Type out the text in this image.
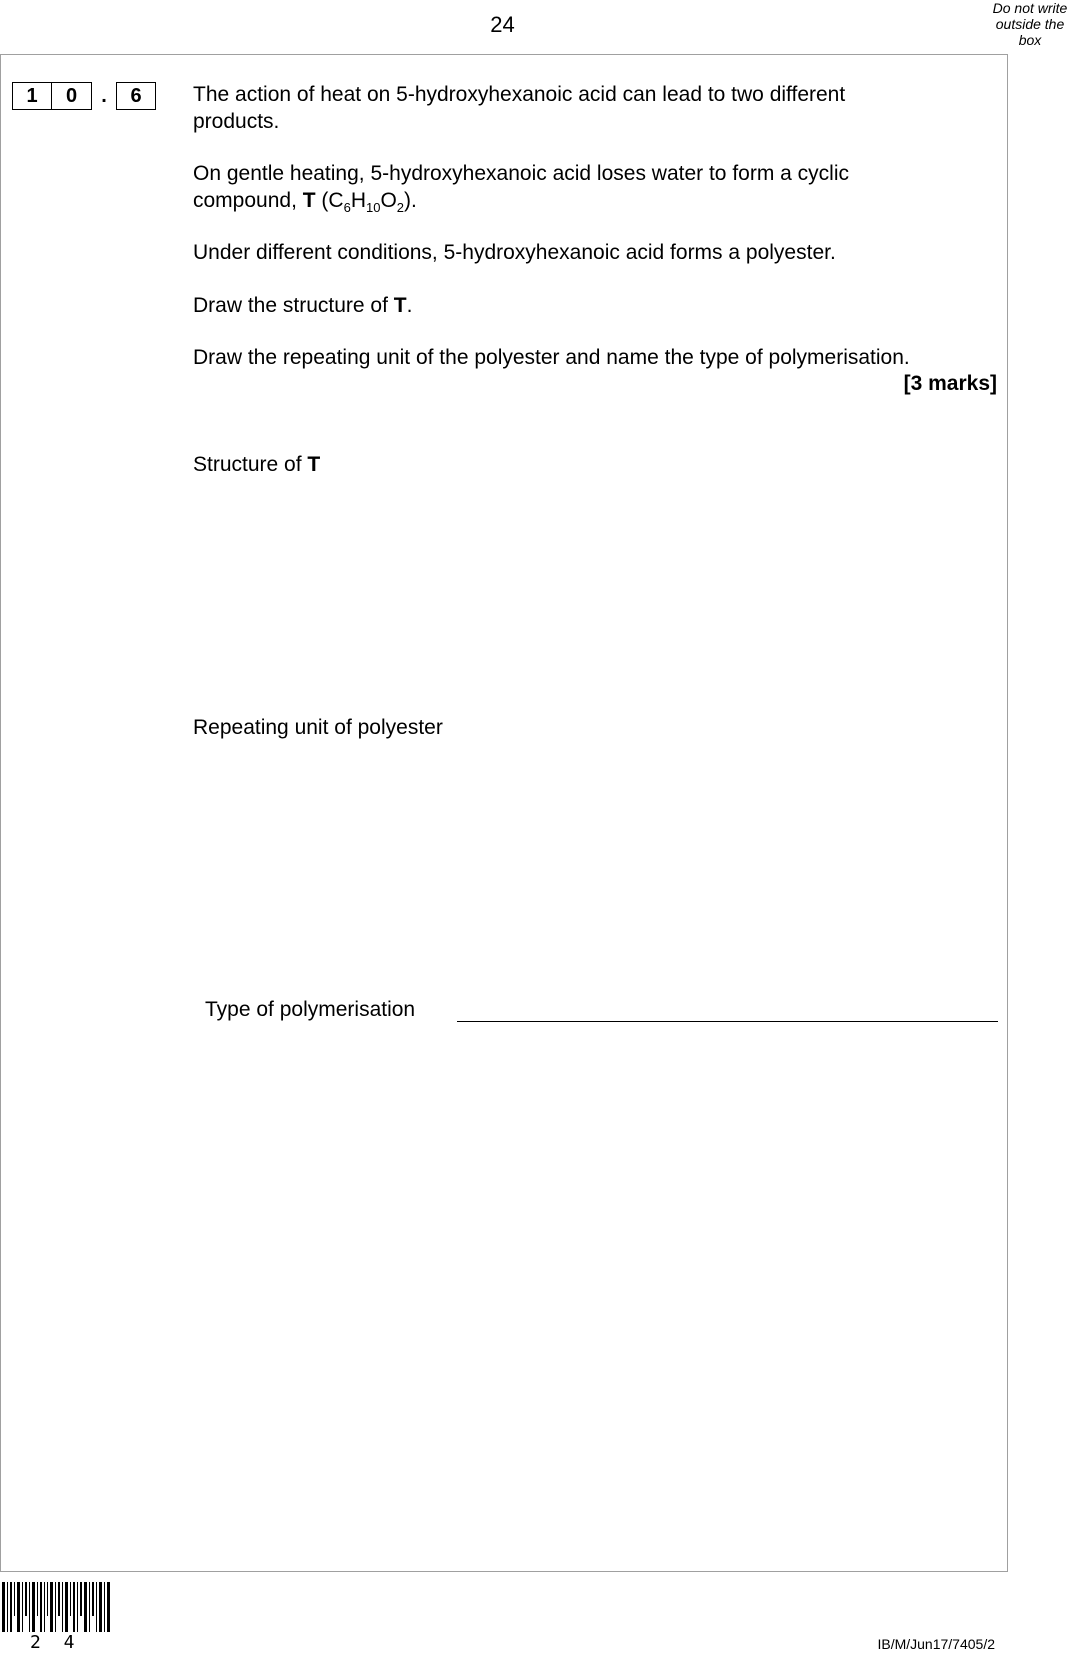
24
Do not write
outside the
box
1	0	.	6	The action of heat on 5-hydroxyhexanoic acid can lead to two different
products.
On gentle heating, 5-hydroxyhexanoic acid loses water to form a cyclic
compound, T $(C_6H_{10}O_2)$.
Under different conditions, 5-hydroxyhexanoic acid forms a polyester.
Draw the structure of T.
Draw the repeating unit of the polyester and name the type of polymerisation.
[3 marks]
Structure of T
Repeating unit of polyester
Type of polymerisation
2 4	IB/M/Jun17/7405/2
